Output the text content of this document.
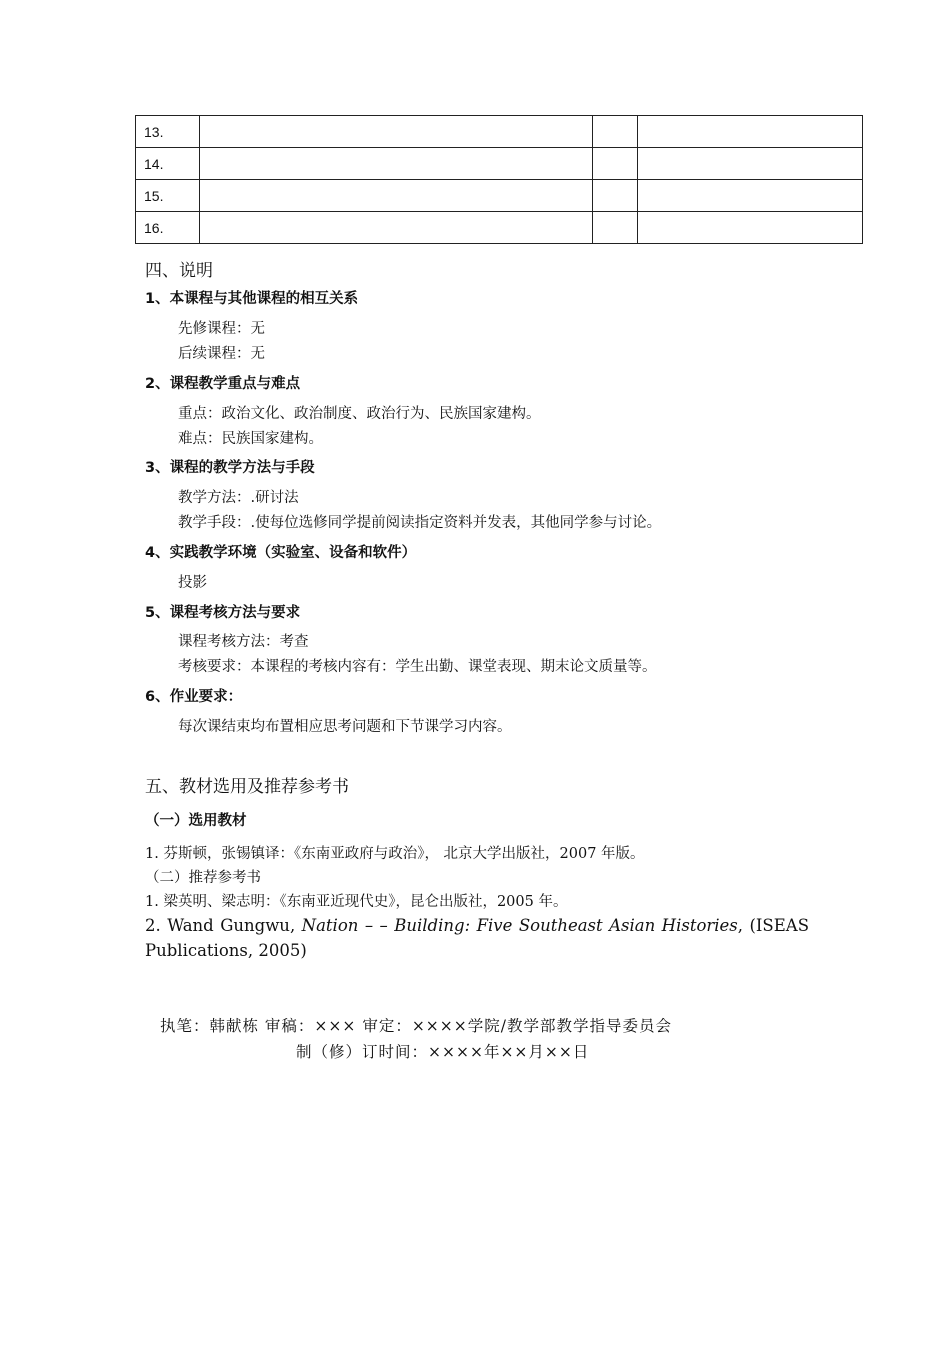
13.			
14.			
15.			
16.			
四、说明
1、本课程与其他课程的相互关系
先修课程：无
后续课程：无
2、课程教学重点与难点
重点：政治文化、政治制度、政治行为、民族国家建构。
难点：民族国家建构。
3、课程的教学方法与手段
教学方法：.研讨法
教学手段：.使每位选修同学提前阅读指定资料并发表，其他同学参与讨论。
4、实践教学环境（实验室、设备和软件）
投影
5、课程考核方法与要求
课程考核方法：考查
考核要求：本课程的考核内容有：学生出勤、课堂表现、期末论文质量等。
6、作业要求：
每次课结束均布置相应思考问题和下节课学习内容。
五、教材选用及推荐参考书
（一）选用教材
1. 芬斯顿，张锡镇译：《东南亚政府与政治》， 北京大学出版社，2007 年版。
（二）推荐参考书
1. 梁英明、梁志明：《东南亚近现代史》，昆仑出版社，2005 年。
2. Wand Gungwu, Nation – – Building: Five Southeast Asian Histories, (ISEAS Publications, 2005)
执笔：韩献栋 审稿：××× 审定：××××学院/教学部教学指导委员会
制（修）订时间：××××年××月××日
